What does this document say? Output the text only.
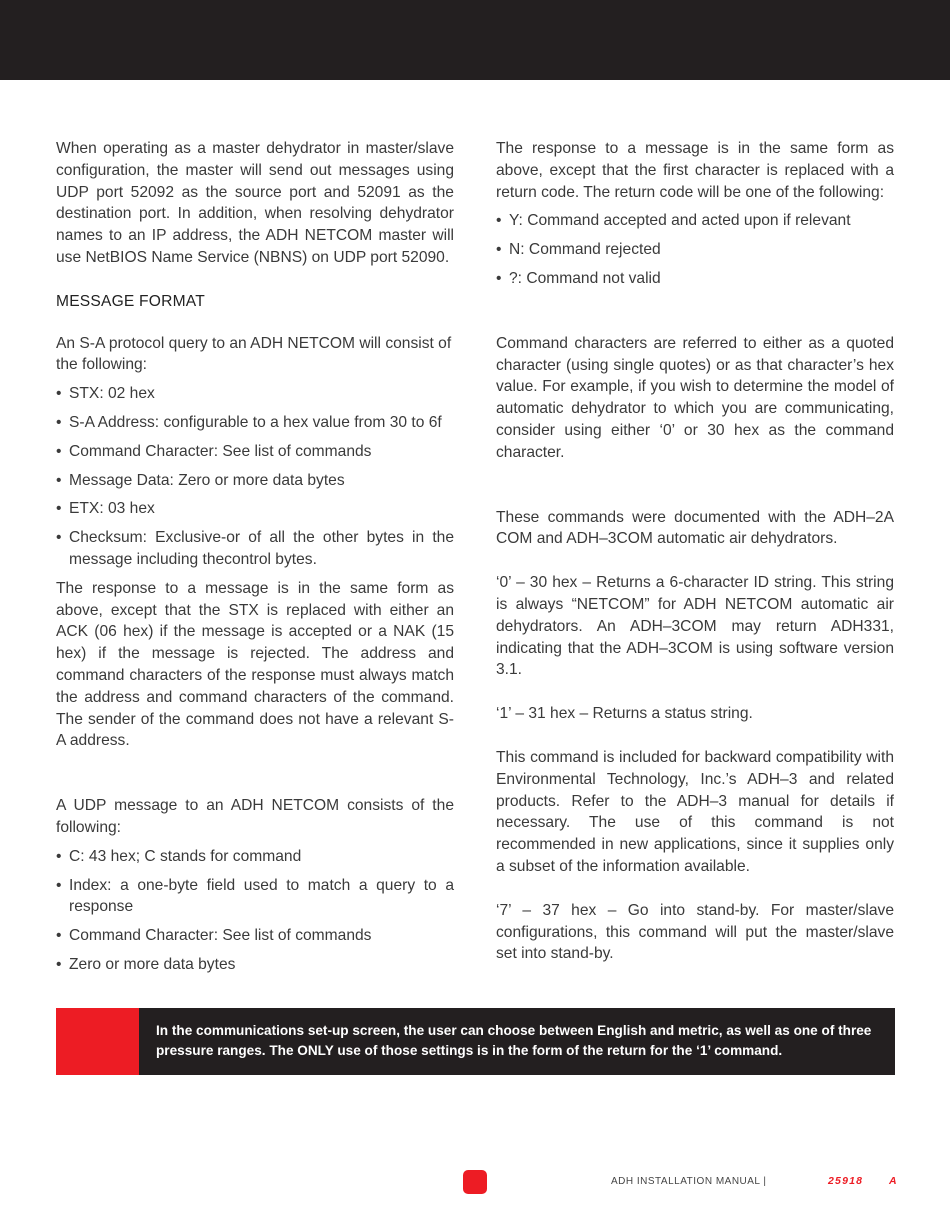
When operating as a master dehydrator in master/slave configuration, the master will send out messages using UDP port 52092 as the source port and 52091 as the destination port. In addition, when resolving dehydrator names to an IP address, the ADH NETCOM master will use NetBIOS Name Service (NBNS) on UDP port 52090.

MESSAGE FORMAT

An S-A protocol query to an ADH NETCOM will consist of the following:

• STX: 02 hex
• S-A Address: configurable to a hex value from 30 to 6f
• Command Character: See list of commands
• Message Data: Zero or more data bytes
• ETX: 03 hex
• Checksum: Exclusive-or of all the other bytes in the message including thecontrol bytes.

The response to a message is in the same form as above, except that the STX is replaced with either an ACK (06 hex) if the message is accepted or a NAK (15 hex) if the message is rejected. The address and command characters of the response must always match the address and command characters of the command. The sender of the command does not have a relevant S-A address.

A UDP message to an ADH NETCOM consists of the following:

• C: 43 hex; C stands for command
• Index: a one-byte field used to match a query to a response
• Command Character: See list of commands
• Zero or more data bytes

The response to a message is in the same form as above, except that the first character is replaced with a return code. The return code will be one of the following:

• Y: Command accepted and acted upon if relevant
• N: Command rejected
• ?: Command not valid

Command characters are referred to either as a quoted character (using single quotes) or as that character’s hex value. For example, if you wish to determine the model of automatic dehydrator to which you are communicating, consider using either ‘0’ or 30 hex as the command character.

These commands were documented with the ADH–2A COM and ADH–3COM automatic air dehydrators.

‘0’ – 30 hex – Returns a 6-character ID string. This string is always “NETCOM” for ADH NETCOM automatic air dehydrators. An ADH–3COM may return ADH331, indicating that the ADH–3COM is using software version 3.1.

‘1’ – 31 hex – Returns a status string.

This command is included for backward compatibility with Environmental Technology, Inc.’s ADH–3 and related products. Refer to the ADH–3 manual for details if necessary. The use of this command is not recommended in new applications, since it supplies only a subset of the information available.

‘7’ – 37 hex – Go into stand-by. For master/slave configurations, this command will put the master/slave set into stand-by.

In the communications set-up screen, the user can choose between English and metric, as well as one of three pressure ranges. The ONLY use of those settings is in the form of the return for the ‘1’ command.
ADH INSTALLATION MANUAL |	25918 A
